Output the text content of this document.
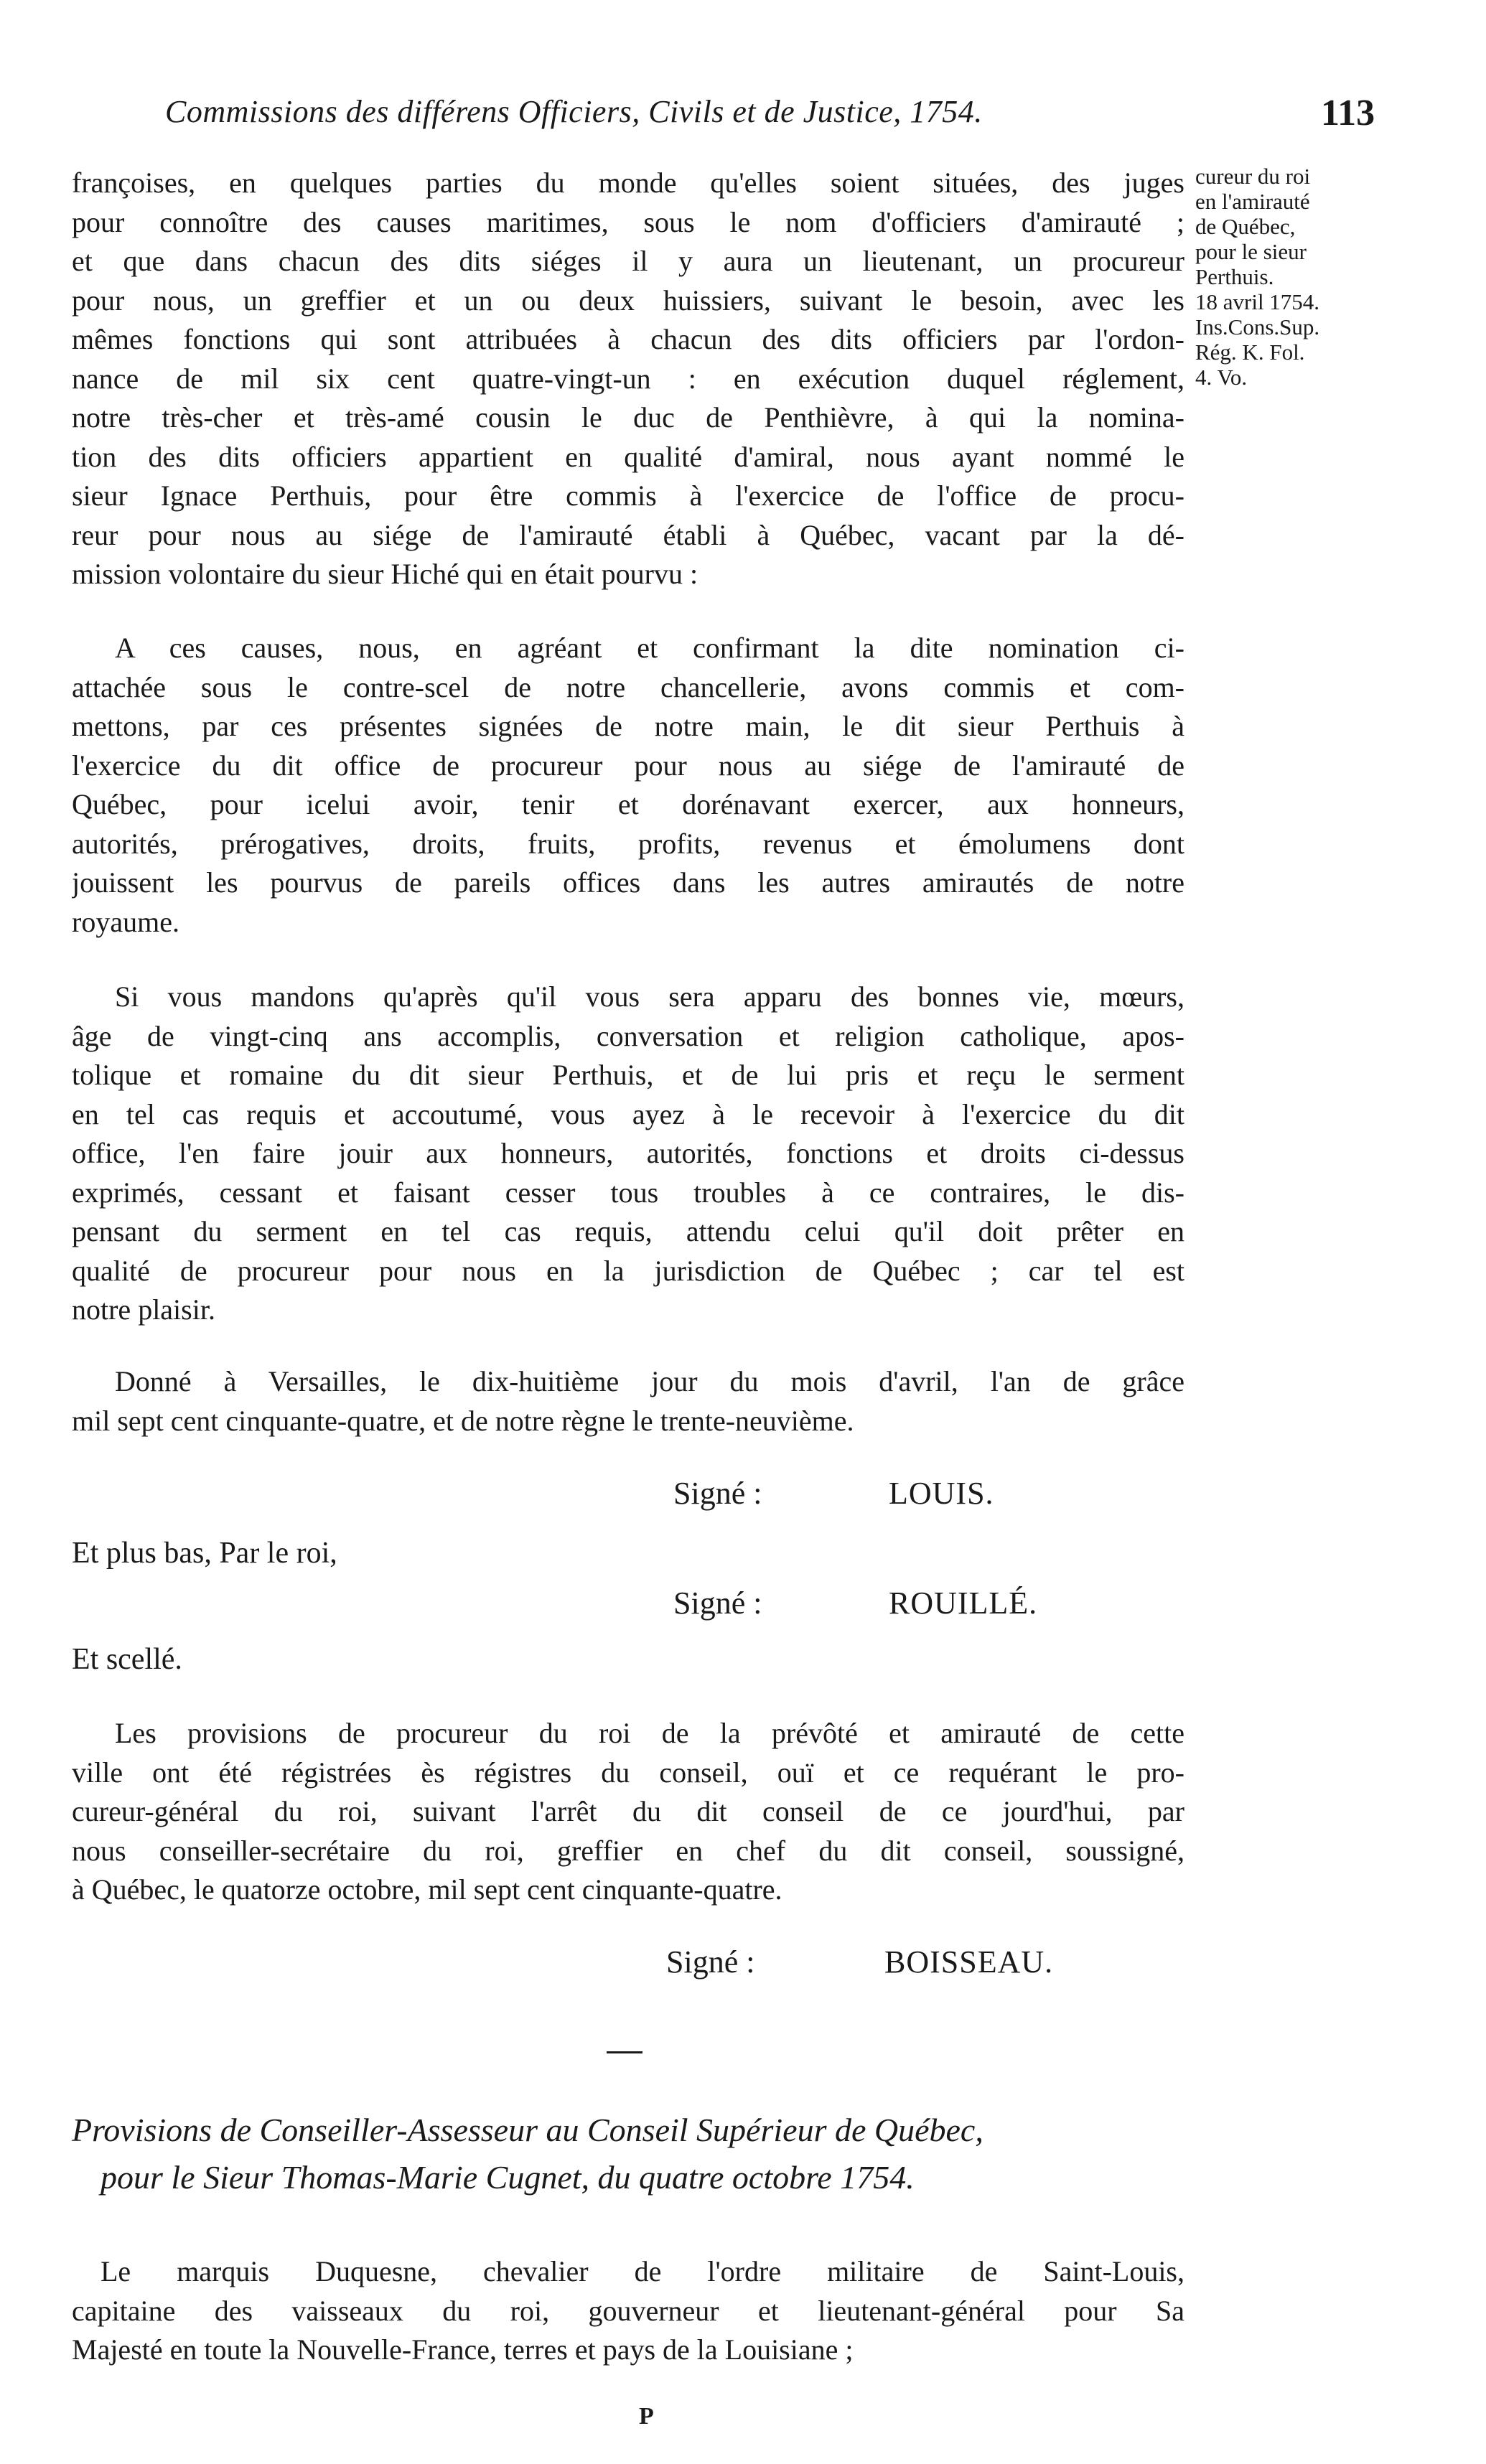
Commissions des différens Officiers, Civils et de Justice, 1754.	113
françoises, en quelques parties du monde qu'elles soient situées, des juges
pour connoître des causes maritimes, sous le nom d'officiers d'amirauté ;
et que dans chacun des dits siéges il y aura un lieutenant, un procureur
pour nous, un greffier et un ou deux huissiers, suivant le besoin, avec les
mêmes fonctions qui sont attribuées à chacun des dits officiers par l'ordon-
nance de mil six cent quatre-vingt-un : en exécution duquel réglement,
notre très-cher et très-amé cousin le duc de Penthièvre, à qui la nomina-
tion des dits officiers appartient en qualité d'amiral, nous ayant nommé le
sieur Ignace Perthuis, pour être commis à l'exercice de l'office de procu-
reur pour nous au siége de l'amirauté établi à Québec, vacant par la dé-
mission volontaire du sieur Hiché qui en était pourvu :
cureur du roi
en l'amirauté
de Québec,
pour le sieur
Perthuis.
18 avril 1754.
Ins.Cons.Sup.
Rég. K. Fol.
4. Vo.
A ces causes, nous, en agréant et confirmant la dite nomination ci-
attachée sous le contre-scel de notre chancellerie, avons commis et com-
mettons, par ces présentes signées de notre main, le dit sieur Perthuis à
l'exercice du dit office de procureur pour nous au siége de l'amirauté de
Québec, pour icelui avoir, tenir et dorénavant exercer, aux honneurs,
autorités, prérogatives, droits, fruits, profits, revenus et émolumens dont
jouissent les pourvus de pareils offices dans les autres amirautés de notre
royaume.
Si vous mandons qu'après qu'il vous sera apparu des bonnes vie, mœurs,
âge de vingt-cinq ans accomplis, conversation et religion catholique, apos-
tolique et romaine du dit sieur Perthuis, et de lui pris et reçu le serment
en tel cas requis et accoutumé, vous ayez à le recevoir à l'exercice du dit
office, l'en faire jouir aux honneurs, autorités, fonctions et droits ci-dessus
exprimés, cessant et faisant cesser tous troubles à ce contraires, le dis-
pensant du serment en tel cas requis, attendu celui qu'il doit prêter en
qualité de procureur pour nous en la jurisdiction de Québec ; car tel est
notre plaisir.
Donné à Versailles, le dix-huitième jour du mois d'avril, l'an de grâce
mil sept cent cinquante-quatre, et de notre règne le trente-neuvième.
Signé :	LOUIS.
Et plus bas, Par le roi,
Signé :	ROUILLÉ.
Et scellé.
Les provisions de procureur du roi de la prévôté et amirauté de cette
ville ont été régistrées ès régistres du conseil, ouï et ce requérant le pro-
cureur-général du roi, suivant l'arrêt du dit conseil de ce jourd'hui, par
nous conseiller-secrétaire du roi, greffier en chef du dit conseil, soussigné,
à Québec, le quatorze octobre, mil sept cent cinquante-quatre.
Signé :	BOISSEAU.
Provisions de Conseiller-Assesseur au Conseil Supérieur de Québec,
pour le Sieur Thomas-Marie Cugnet, du quatre octobre 1754.
Le marquis Duquesne, chevalier de l'ordre militaire de Saint-Louis,
capitaine des vaisseaux du roi, gouverneur et lieutenant-général pour Sa
Majesté en toute la Nouvelle-France, terres et pays de la Louisiane ;
P
